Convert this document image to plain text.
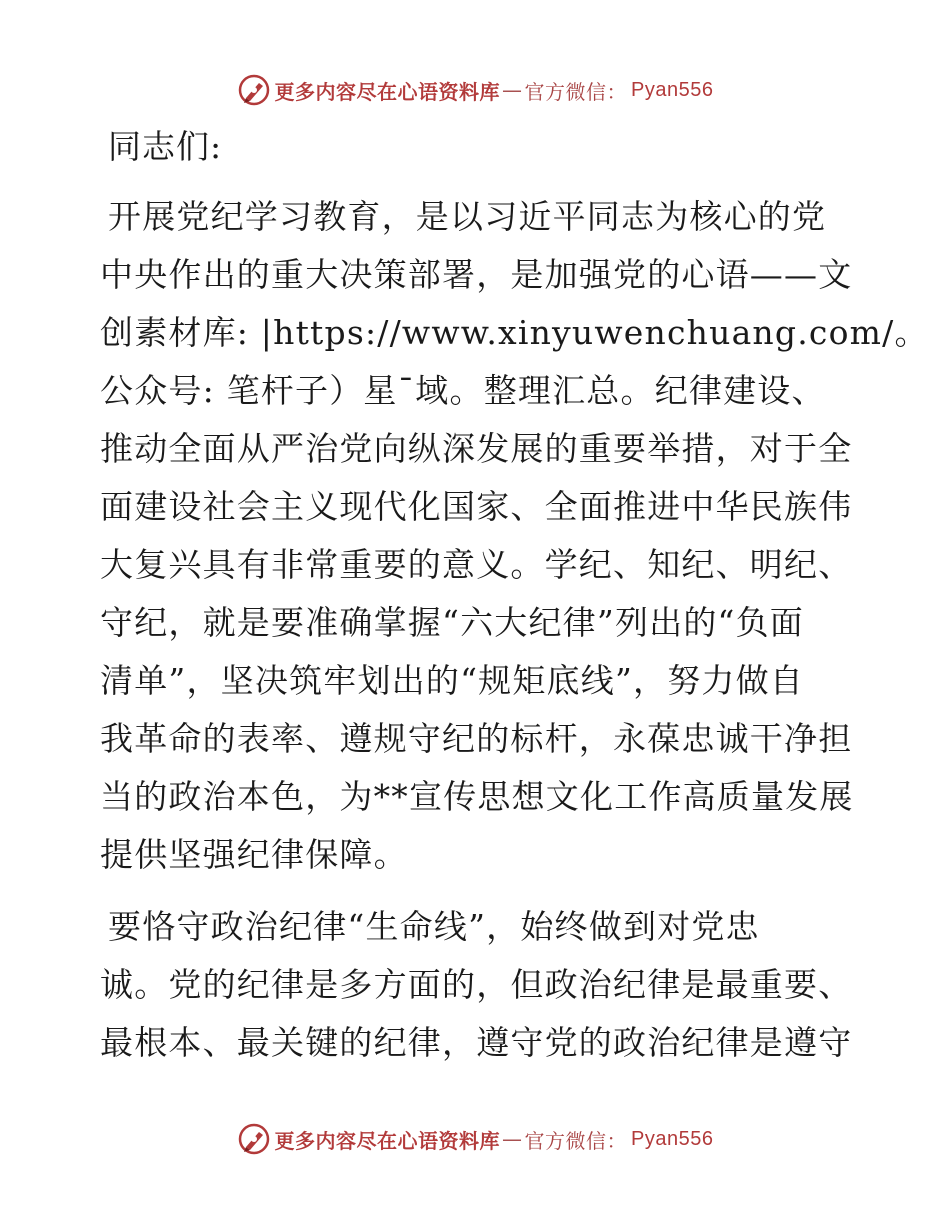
更多内容尽在心语资料库 — 官方微信： Pyan556
同志们:
开展党纪学习教育，是以习近平同志为核心的党
中央作出的重大决策部署，是加强党的心语——文
创素材库: |https://www.xinyuwenchuang.com/。
公众号: 笔杆子）星¯域。整理汇总。纪律建设、
推动全面从严治党向纵深发展的重要举措，对于全
面建设社会主义现代化国家、全面推进中华民族伟
大复兴具有非常重要的意义。学纪、知纪、明纪、
守纪，就是要准确掌握“六大纪律”列出的“负面
清单”，坚决筑牢划出的“规矩底线”，努力做自
我革命的表率、遵规守纪的标杆，永葆忠诚干净担
当的政治本色，为**宣传思想文化工作高质量发展
提供坚强纪律保障。
要恪守政治纪律“生命线”，始终做到对党忠
诚。党的纪律是多方面的，但政治纪律是最重要、
最根本、最关键的纪律，遵守党的政治纪律是遵守
更多内容尽在心语资料库 — 官方微信： Pyan556
